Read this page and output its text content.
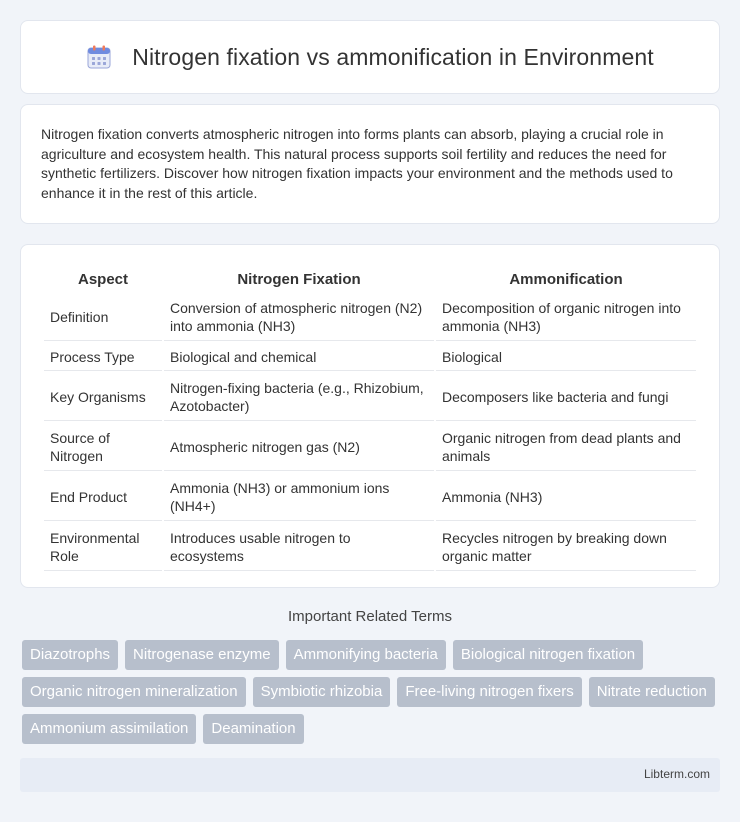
Nitrogen fixation vs ammonification in Environment

Nitrogen fixation converts atmospheric nitrogen into forms plants can absorb, playing a crucial role in agriculture and ecosystem health. This natural process supports soil fertility and reduces the need for synthetic fertilizers. Discover how nitrogen fixation impacts your environment and the methods used to enhance it in the rest of this article.

Aspect	Nitrogen Fixation	Ammonification
Definition	Conversion of atmospheric nitrogen (N2) into ammonia (NH3)	Decomposition of organic nitrogen into ammonia (NH3)
Process Type	Biological and chemical	Biological
Key Organisms	Nitrogen-fixing bacteria (e.g., Rhizobium, Azotobacter)	Decomposers like bacteria and fungi
Source of Nitrogen	Atmospheric nitrogen gas (N2)	Organic nitrogen from dead plants and animals
End Product	Ammonia (NH3) or ammonium ions (NH4+)	Ammonia (NH3)
Environmental Role	Introduces usable nitrogen to ecosystems	Recycles nitrogen by breaking down organic matter
Important Related Terms
Diazotrophs	Nitrogenase enzyme	Ammonifying bacteria	Biological nitrogen fixation
Organic nitrogen mineralization	Symbiotic rhizobia	Free-living nitrogen fixers	Nitrate reduction
Ammonium assimilation	Deamination
Libterm.com
